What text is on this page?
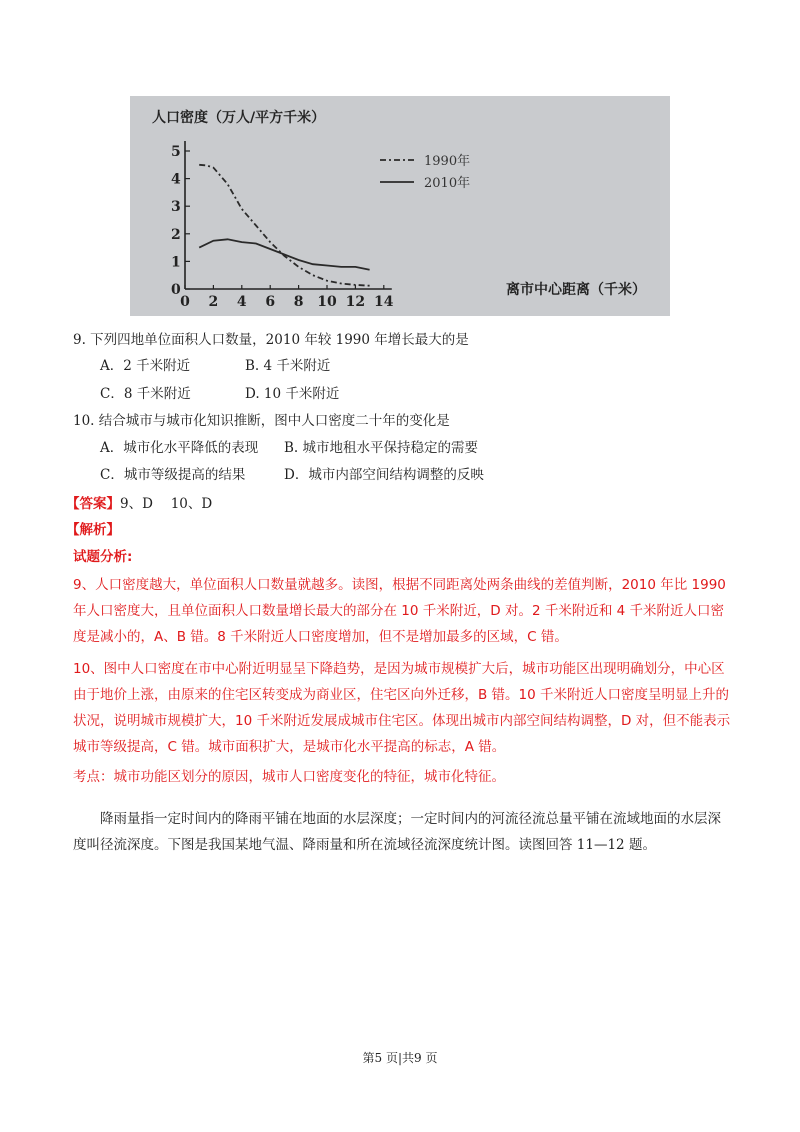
人口密度（万人/平方千米）
离市中心距离（千米）
0
1
2
3
4
5
0 2 4 6 8 10 12 14
1990年
2010年
9. 下列四地单位面积人口数量，2010 年较 1990 年增长最大的是
A．2 千米附近	B. 4 千米附近
C．8 千米附近	D. 10 千米附近
10. 结合城市与城市化知识推断，图中人口密度二十年的变化是
A．城市化水平降低的表现 B. 城市地租水平保持稳定的需要
C．城市等级提高的结果	D．城市内部空间结构调整的反映
【答案】9、D　 10、D
【解析】
试题分析:
9、人口密度越大，单位面积人口数量就越多。读图，根据不同距离处两条曲线的差值判断，2010 年比 1990 年人口密度大，且单位面积人口数量增长最大的部分在 10 千米附近，D 对。2 千米附近和 4 千米附近人口密度是减小的，A、B 错。8 千米附近人口密度增加，但不是增加最多的区域，C 错。
10、图中人口密度在市中心附近明显呈下降趋势，是因为城市规模扩大后，城市功能区出现明确划分，中心区由于地价上涨，由原来的住宅区转变成为商业区，住宅区向外迁移，B 错。10 千米附近人口密度呈明显上升的状况，说明城市规模扩大，10 千米附近发展成城市住宅区。体现出城市内部空间结构调整，D 对，但不能表示城市等级提高，C 错。城市面积扩大，是城市化水平提高的标志，A 错。
考点：城市功能区划分的原因，城市人口密度变化的特征，城市化特征。
降雨量指一定时间内的降雨平铺在地面的水层深度；一定时间内的河流径流总量平铺在流域地面的水层深度叫径流深度。下图是我国某地气温、降雨量和所在流域径流深度统计图。读图回答 11—12 题。
第5 页|共9 页
